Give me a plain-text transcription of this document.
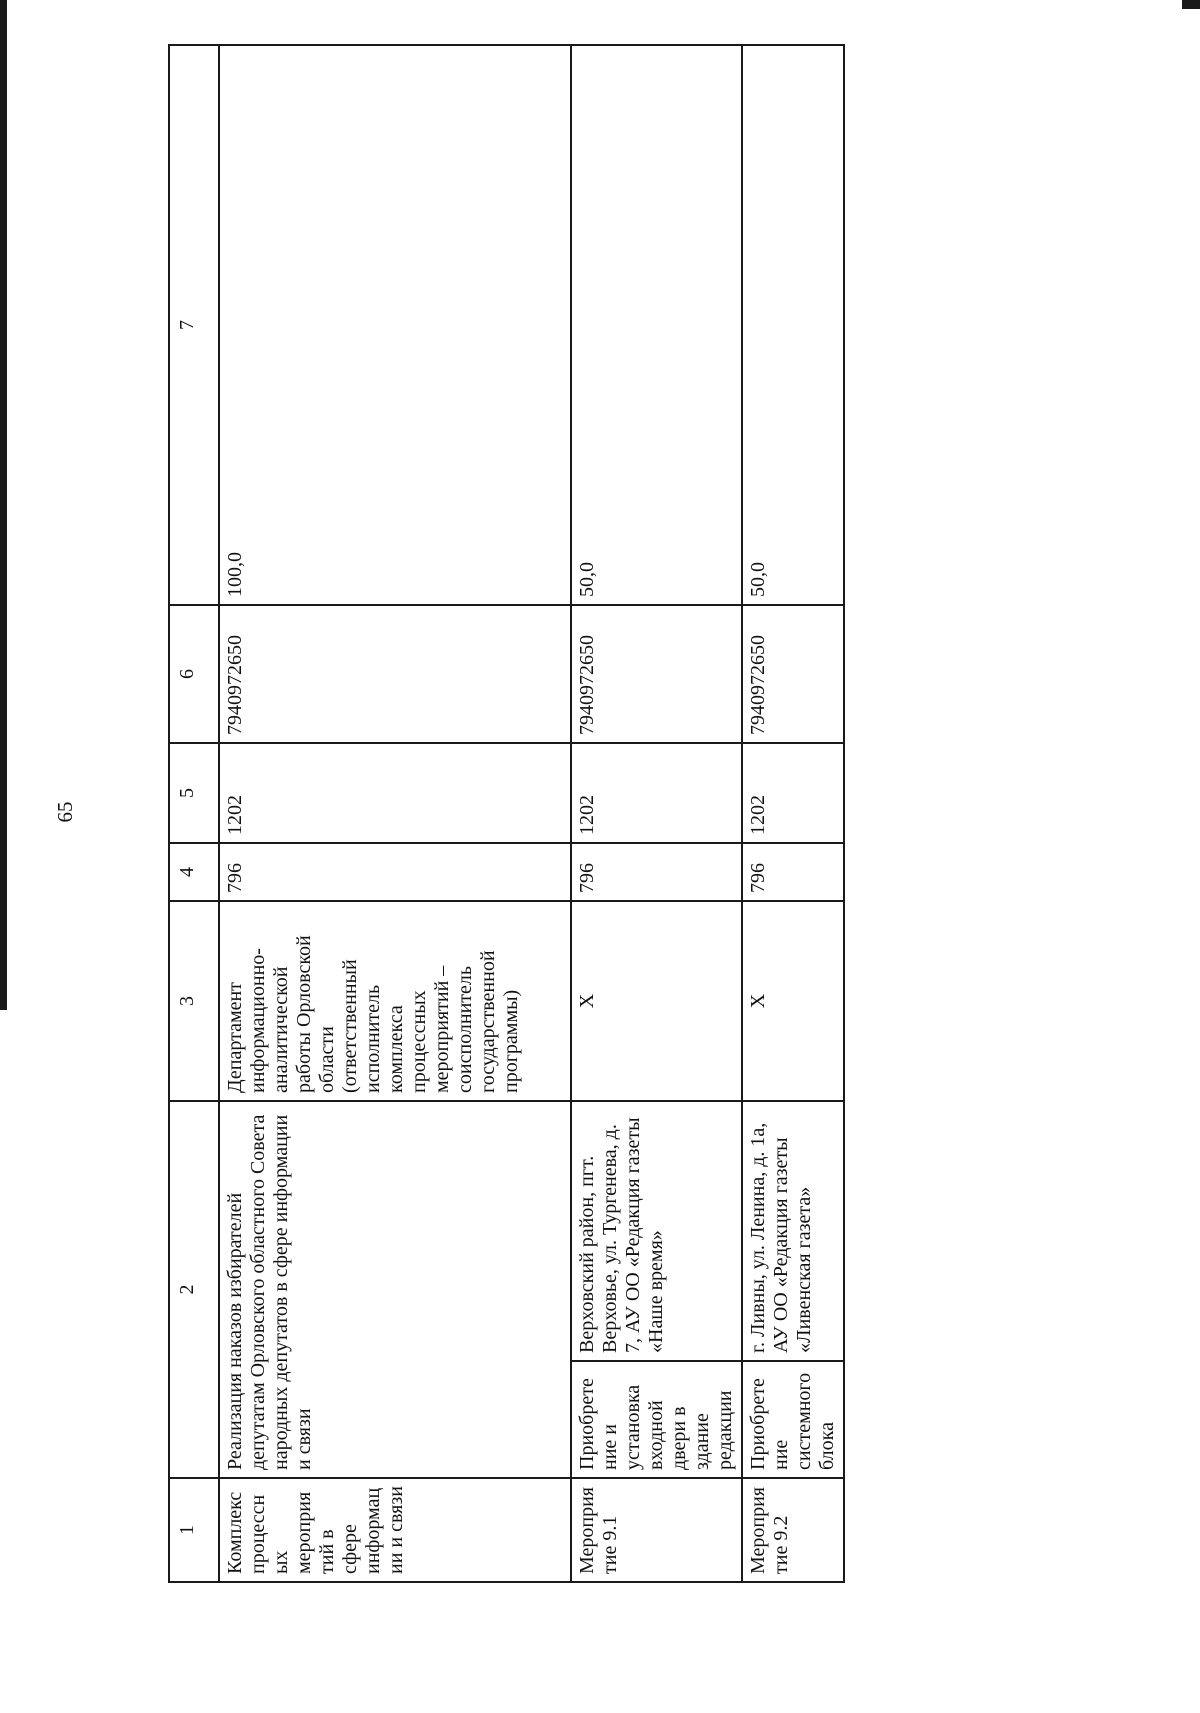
65
1	2		3	4	5	6	7
Комплекс процессных мероприятий в сфере информации и связи	Реализация наказов избирателей депутатам Орловского областного Совета народных депутатов в сфере информации и связи		Департамент информационно-аналитической работы Орловской области (ответственный исполнитель комплекса процессных мероприятий – соисполнитель государственной программы)	796	1202	7940972650	100,0
Мероприятие 9.1	Приобретение и установка входной двери в здание редакции	Верховский район, пгт. Верховье, ул. Тургенева, д. 7, АУ ОО «Редакция газеты «Наше время»	Х	796	1202	7940972650	50,0
Мероприятие 9.2	Приобретение системного блока	г. Ливны, ул. Ленина, д. 1а, АУ ОО «Редакция газеты «Ливенская газета»	Х	796	1202	7940972650	50,0
